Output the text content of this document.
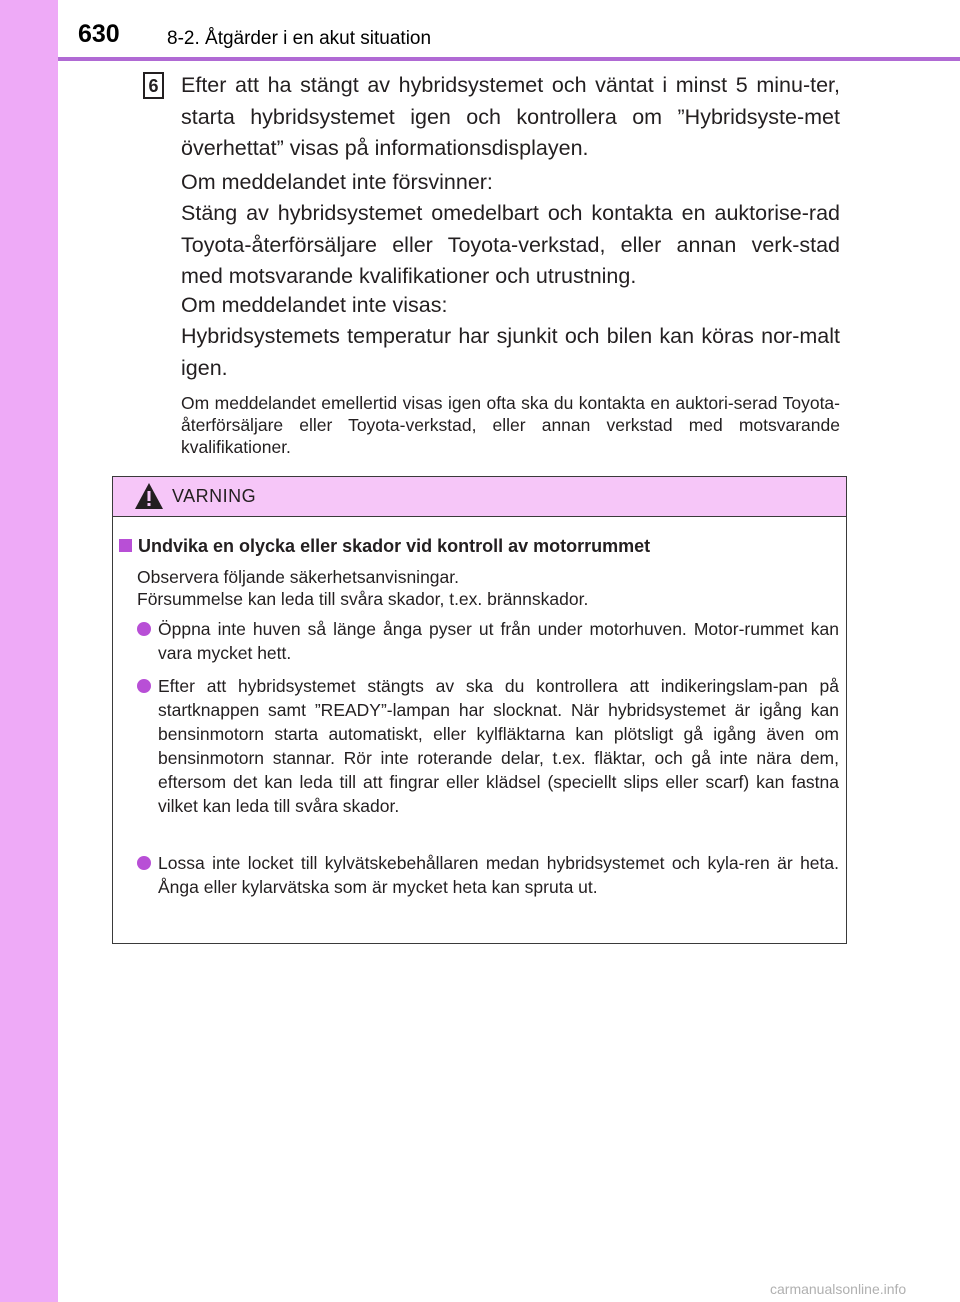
630 8-2. Åtgärder i en akut situation
6 Efter att ha stängt av hybridsystemet och väntat i minst 5 minu-ter, starta hybridsystemet igen och kontrollera om ”Hybridsyste-met överhettat” visas på informationsdisplayen.
Om meddelandet inte försvinner:
Stäng av hybridsystemet omedelbart och kontakta en auktorise-rad Toyota-återförsäljare eller Toyota-verkstad, eller annan verk-stad med motsvarande kvalifikationer och utrustning.
Om meddelandet inte visas:
Hybridsystemets temperatur har sjunkit och bilen kan köras nor-malt igen.
Om meddelandet emellertid visas igen ofta ska du kontakta en auktori-serad Toyota-återförsäljare eller Toyota-verkstad, eller annan verkstad med motsvarande kvalifikationer.
VARNING
Undvika en olycka eller skador vid kontroll av motorrummet
Observera följande säkerhetsanvisningar.
Försummelse kan leda till svåra skador, t.ex. brännskador.
Öppna inte huven så länge ånga pyser ut från under motorhuven. Motor-rummet kan vara mycket hett.
Efter att hybridsystemet stängts av ska du kontrollera att indikeringslam-pan på startknappen samt ”READY”-lampan har slocknat. När hybridsystemet är igång kan bensinmotorn starta automatiskt, eller kylfläktarna kan plötsligt gå igång även om bensinmotorn stannar. Rör inte roterande delar, t.ex. fläktar, och gå inte nära dem, eftersom det kan leda till att fingrar eller klädsel (speciellt slips eller scarf) kan fastna vilket kan leda till svåra skador.
Lossa inte locket till kylvätskebehållaren medan hybridsystemet och kyla-ren är heta. Ånga eller kylarvätska som är mycket heta kan spruta ut.
carmanualsonline.info
